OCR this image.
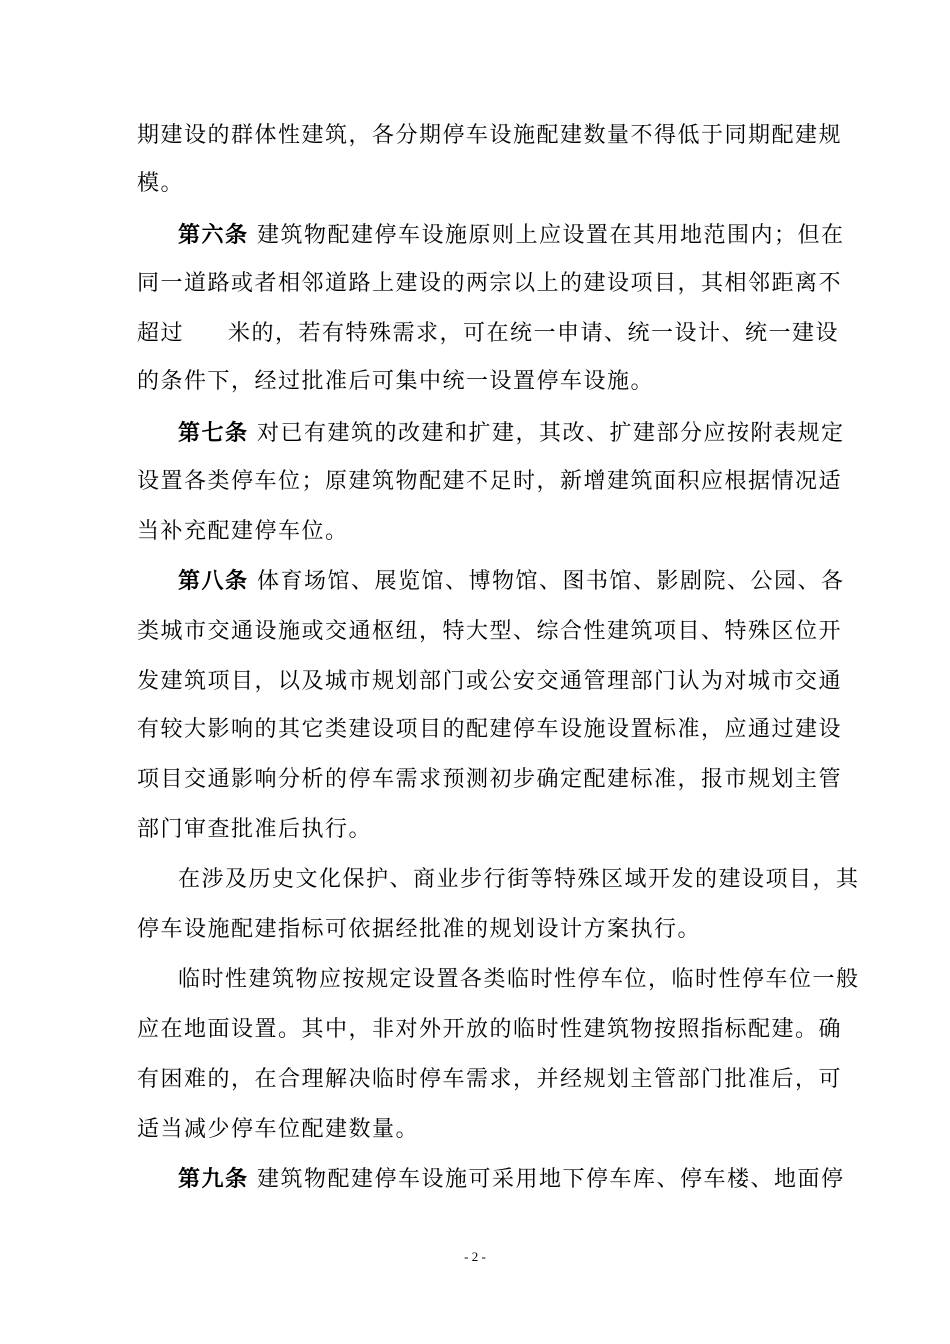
期建设的群体性建筑，各分期停车设施配建数量不得低于同期配建规
模。
第六条 建筑物配建停车设施原则上应设置在其用地范围内；但在
同一道路或者相邻道路上建设的两宗以上的建设项目，其相邻距离不
超过 米的，若有特殊需求，可在统一申请、统一设计、统一建设
的条件下，经过批准后可集中统一设置停车设施。
第七条 对已有建筑的改建和扩建，其改、扩建部分应按附表规定
设置各类停车位；原建筑物配建不足时，新增建筑面积应根据情况适
当补充配建停车位。
第八条 体育场馆、展览馆、博物馆、图书馆、影剧院、公园、各
类城市交通设施或交通枢纽，特大型、综合性建筑项目、特殊区位开
发建筑项目，以及城市规划部门或公安交通管理部门认为对城市交通
有较大影响的其它类建设项目的配建停车设施设置标准，应通过建设
项目交通影响分析的停车需求预测初步确定配建标准，报市规划主管
部门审查批准后执行。
在涉及历史文化保护、商业步行街等特殊区域开发的建设项目，其
停车设施配建指标可依据经批准的规划设计方案执行。
临时性建筑物应按规定设置各类临时性停车位，临时性停车位一般
应在地面设置。其中，非对外开放的临时性建筑物按照指标配建。确
有困难的，在合理解决临时停车需求，并经规划主管部门批准后，可
适当减少停车位配建数量。
第九条 建筑物配建停车设施可采用地下停车库、停车楼、地面停
- 2 -
